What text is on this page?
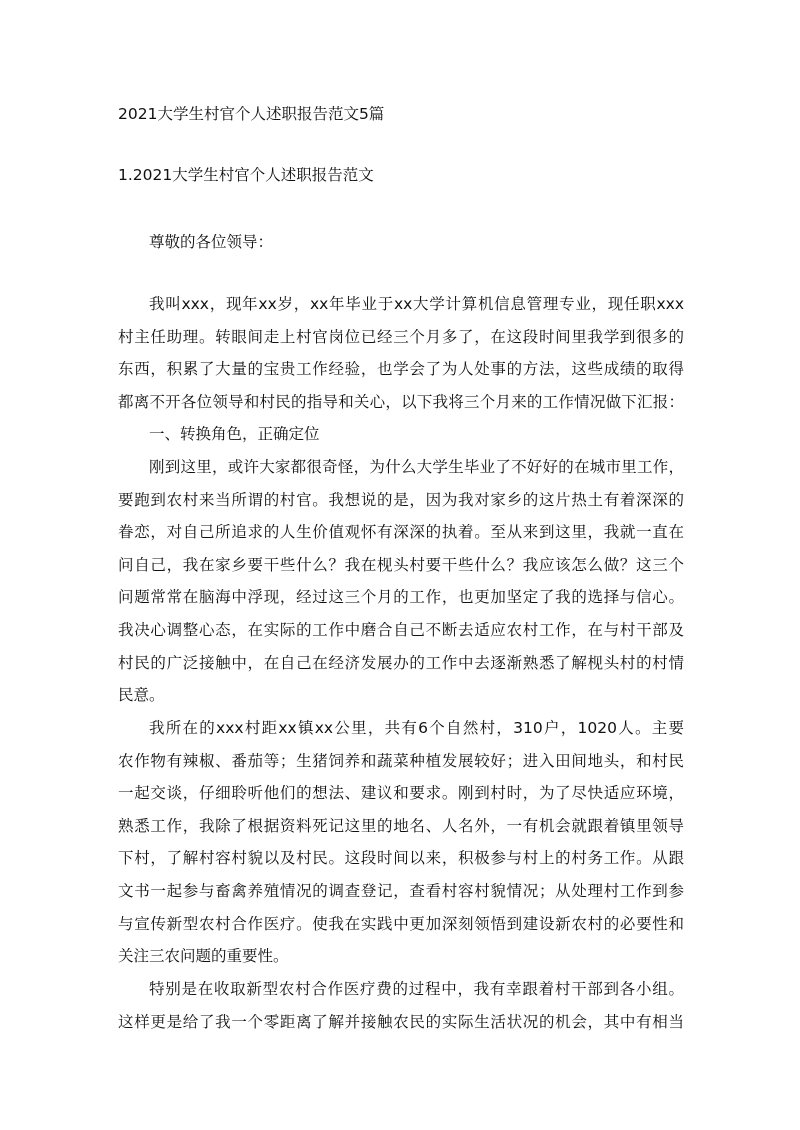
2021大学生村官个人述职报告范文5篇
1.2021大学生村官个人述职报告范文
尊敬的各位领导：
我叫xxx，现年xx岁，xx年毕业于xx大学计算机信息管理专业，现任职xxx
村主任助理。转眼间走上村官岗位已经三个月多了，在这段时间里我学到很多的
东西，积累了大量的宝贵工作经验，也学会了为人处事的方法，这些成绩的取得
都离不开各位领导和村民的指导和关心，以下我将三个月来的工作情况做下汇报：
一、转换角色，正确定位
刚到这里，或许大家都很奇怪，为什么大学生毕业了不好好的在城市里工作，
要跑到农村来当所谓的村官。我想说的是，因为我对家乡的这片热土有着深深的
眷恋，对自己所追求的人生价值观怀有深深的执着。至从来到这里，我就一直在
问自己，我在家乡要干些什么？我在枧头村要干些什么？我应该怎么做？这三个
问题常常在脑海中浮现，经过这三个月的工作，也更加坚定了我的选择与信心。
我决心调整心态，在实际的工作中磨合自己不断去适应农村工作，在与村干部及
村民的广泛接触中，在自己在经济发展办的工作中去逐渐熟悉了解枧头村的村情
民意。
我所在的xxx村距xx镇xx公里，共有6个自然村，310户，1020人。主要
农作物有辣椒、番茄等；生猪饲养和蔬菜种植发展较好；进入田间地头，和村民
一起交谈，仔细聆听他们的想法、建议和要求。刚到村时，为了尽快适应环境，
熟悉工作，我除了根据资料死记这里的地名、人名外，一有机会就跟着镇里领导
下村，了解村容村貌以及村民。这段时间以来，积极参与村上的村务工作。从跟
文书一起参与畜禽养殖情况的调查登记，查看村容村貌情况；从处理村工作到参
与宣传新型农村合作医疗。使我在实践中更加深刻领悟到建设新农村的必要性和
关注三农问题的重要性。
特别是在收取新型农村合作医疗费的过程中，我有幸跟着村干部到各小组。
这样更是给了我一个零距离了解并接触农民的实际生活状况的机会，其中有相当
